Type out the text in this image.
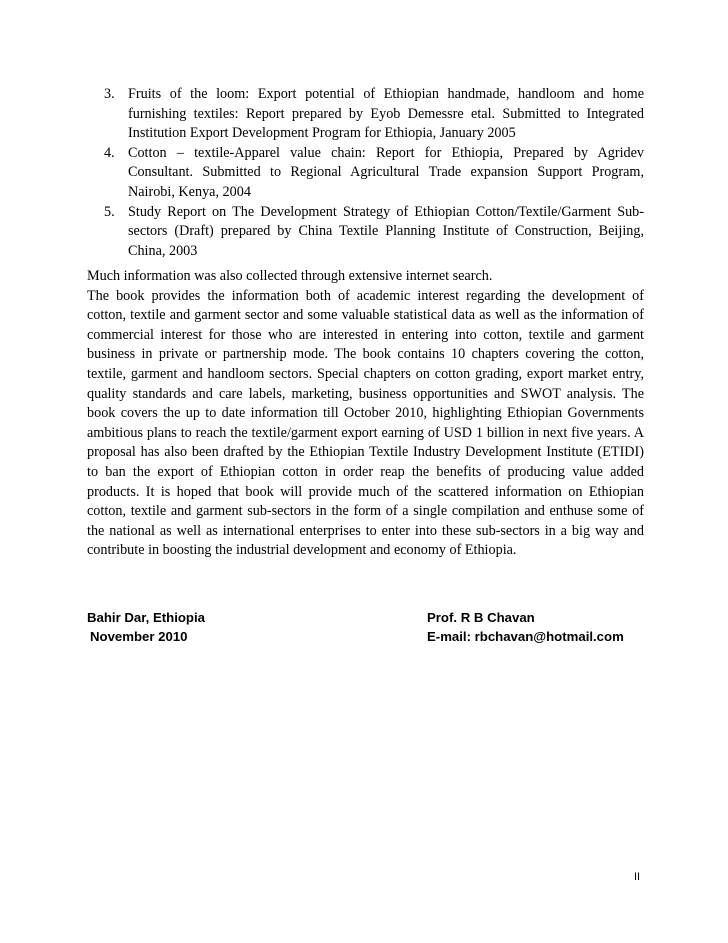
3. Fruits of the loom: Export potential of Ethiopian handmade, handloom and home furnishing textiles: Report prepared by Eyob Demessre etal. Submitted to Integrated Institution Export Development Program for Ethiopia, January 2005
4. Cotton – textile-Apparel value chain: Report for Ethiopia, Prepared by Agridev Consultant. Submitted to Regional Agricultural Trade expansion Support Program, Nairobi, Kenya, 2004
5. Study Report on The Development Strategy of Ethiopian Cotton/Textile/Garment Sub-sectors (Draft) prepared by China Textile Planning Institute of Construction, Beijing, China, 2003

Much information was also collected through extensive internet search.

The book provides the information both of academic interest regarding the development of cotton, textile and garment sector and some valuable statistical data as well as the information of commercial interest for those who are interested in entering into cotton, textile and garment business in private or partnership mode. The book contains 10 chapters covering the cotton, textile, garment and handloom sectors. Special chapters on cotton grading, export market entry, quality standards and care labels, marketing, business opportunities and SWOT analysis. The book covers the up to date information till October 2010, highlighting Ethiopian Governments ambitious plans to reach the textile/garment export earning of USD 1 billion in next five years. A proposal has also been drafted by the Ethiopian Textile Industry Development Institute (ETIDI) to ban the export of Ethiopian cotton in order reap the benefits of producing value added products. It is hoped that book will provide much of the scattered information on Ethiopian cotton, textile and garment sub-sectors in the form of a single compilation and enthuse some of the national as well as international enterprises to enter into these sub-sectors in a big way and contribute in boosting the industrial development and economy of Ethiopia.

Bahir Dar, Ethiopia

November 2010

Prof. R B Chavan

E-mail: rbchavan@hotmail.com

II
